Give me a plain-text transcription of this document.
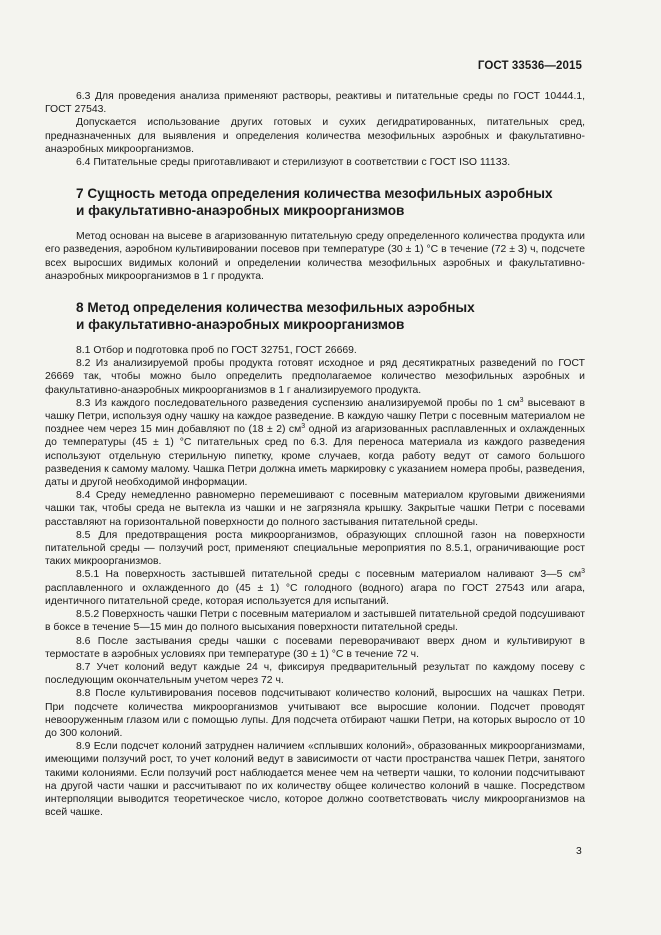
ГОСТ 33536—2015

6.3 Для проведения анализа применяют растворы, реактивы и питательные среды по ГОСТ 10444.1, ГОСТ 27543.

Допускается использование других готовых и сухих дегидратированных, питательных сред, предназначенных для выявления и определения количества мезофильных аэробных и факультативно-анаэробных микроорганизмов.

6.4 Питательные среды приготавливают и стерилизуют в соответствии с ГОСТ ISO 11133.

7 Сущность метода определения количества мезофильных аэробных
и факультативно-анаэробных микроорганизмов

Метод основан на высеве в агаризованную питательную среду определенного количества продукта или его разведения, аэробном культивировании посевов при температуре (30 ± 1) °C в течение (72 ± 3) ч, подсчете всех выросших видимых колоний и определении количества мезофильных аэробных и факультативно-анаэробных микроорганизмов в 1 г продукта.

8 Метод определения количества мезофильных аэробных
и факультативно-анаэробных микроорганизмов

8.1 Отбор и подготовка проб по ГОСТ 32751, ГОСТ 26669.

8.2 Из анализируемой пробы продукта готовят исходное и ряд десятикратных разведений по ГОСТ 26669 так, чтобы можно было определить предполагаемое количество мезофильных аэробных и факультативно-анаэробных микроорганизмов в 1 г анализируемого продукта.

8.3 Из каждого последовательного разведения суспензию анализируемой пробы по 1 $см^3$ высевают в чашку Петри, используя одну чашку на каждое разведение. В каждую чашку Петри с посевным материалом не позднее чем через 15 мин добавляют по (18 ± 2) $см^3$ одной из агаризованных расплавленных и охлажденных до температуры (45 ± 1) °C питательных сред по 6.3. Для переноса материала из каждого разведения используют отдельную стерильную пипетку, кроме случаев, когда работу ведут от самого большого разведения к самому малому. Чашка Петри должна иметь маркировку с указанием номера пробы, разведения, даты и другой необходимой информации.

8.4 Среду немедленно равномерно перемешивают с посевным материалом круговыми движениями чашки так, чтобы среда не вытекла из чашки и не загрязняла крышку. Закрытые чашки Петри с посевами расставляют на горизонтальной поверхности до полного застывания питательной среды.

8.5 Для предотвращения роста микроорганизмов, образующих сплошной газон на поверхности питательной среды — ползучий рост, применяют специальные мероприятия по 8.5.1, ограничивающие рост таких микроорганизмов.

8.5.1 На поверхность застывшей питательной среды с посевным материалом наливают 3—5 $см^3$ расплавленного и охлажденного до (45 ± 1) °C голодного (водного) агара по ГОСТ 27543 или агара, идентичного питательной среде, которая используется для испытаний.

8.5.2 Поверхность чашки Петри с посевным материалом и застывшей питательной средой подсушивают в боксе в течение 5—15 мин до полного высыхания поверхности питательной среды.

8.6 После застывания среды чашки с посевами переворачивают вверх дном и культивируют в термостате в аэробных условиях при температуре (30 ± 1) °C в течение 72 ч.

8.7 Учет колоний ведут каждые 24 ч, фиксируя предварительный результат по каждому посеву с последующим окончательным учетом через 72 ч.

8.8 После культивирования посевов подсчитывают количество колоний, выросших на чашках Петри. При подсчете количества микроорганизмов учитывают все выросшие колонии. Подсчет проводят невооруженным глазом или с помощью лупы. Для подсчета отбирают чашки Петри, на которых выросло от 10 до 300 колоний.

8.9 Если подсчет колоний затруднен наличием «сплывших колоний», образованных микроорганизмами, имеющими ползучий рост, то учет колоний ведут в зависимости от части пространства чашек Петри, занятого такими колониями. Если ползучий рост наблюдается менее чем на четверти чашки, то колонии подсчитывают на другой части чашки и рассчитывают по их количеству общее количество колоний в чашке. Посредством интерполяции выводится теоретическое число, которое должно соответствовать числу микроорганизмов на всей чашке.

3
